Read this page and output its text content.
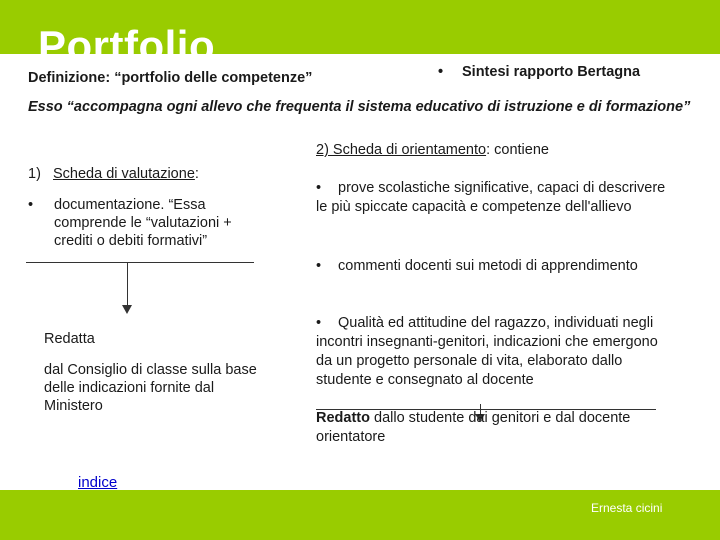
Portfolio
Definizione: “portfolio delle competenze”	• Sintesi rapporto Bertagna
Esso “accompagna ogni allevo che frequenta il sistema educativo di istruzione e di formazione”
2) Scheda di orientamento: contiene
1) Scheda di valutazione:
•	documentazione. “Essa comprende le “valutazioni + crediti o debiti formativi”
Redatta
dal Consiglio di classe sulla base delle indicazioni fornite dal Ministero
• prove scolastiche significative, capaci di descrivere le più spiccate capacità e competenze dell'allievo
• commenti docenti sui metodi di apprendimento
• Qualità ed attitudine del ragazzo, individuati negli incontri insegnanti-genitori, indicazioni che emergono da un progetto personale di vita, elaborato dallo studente e consegnato al docente
Redatto dallo studente dai genitori e dal docente orientatore
indice
Ernesta cicini
